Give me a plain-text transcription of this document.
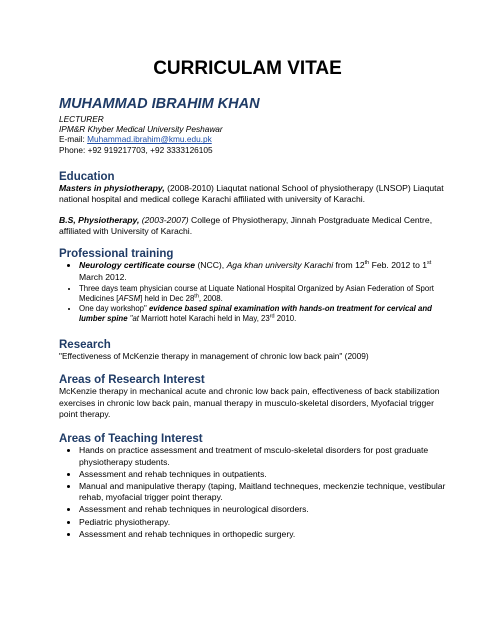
CURRICULAM VITAE
MUHAMMAD IBRAHIM KHAN
LECTURER
IPM&R Khyber Medical University Peshawar
E-mail: Muhammad.ibrahim@kmu.edu.pk
Phone: +92 919217703, +92 3333126105
Education
Masters in physiotherapy, (2008-2010) Liaqutat national School of physiotherapy (LNSOP) Liaqutat national hospital and medical college Karachi affiliated with university of Karachi.
B.S, Physiotherapy, (2003-2007) College of Physiotherapy, Jinnah Postgraduate Medical Centre, affiliated with University of Karachi.
Professional training
• Neurology certificate course (NCC), Aga khan university Karachi from 12th Feb. 2012 to 1st March 2012.
• Three days team physician course at Liquate National Hospital Organized by Asian Federation of Sport Medicines [AFSM] held in Dec 28th, 2008.
• One day workshop" evidence based spinal examination with hands-on treatment for cervical and lumber spine "at Marriott hotel Karachi held in May, 23rd 2010.
Research
"Effectiveness of McKenzie therapy in management of chronic low back pain" (2009)
Areas of Research Interest
McKenzie therapy in mechanical acute and chronic low back pain, effectiveness of back stabilization exercises in chronic low back pain, manual therapy in musculo-skeletal disorders, Myofacial trigger point therapy.
Areas of Teaching Interest
• Hands on practice assessment and treatment of msculo-skeletal disorders for post graduate physiotherapy students.
• Assessment and rehab techniques in outpatients.
• Manual and manipulative therapy (taping, Maitland techneques, meckenzie technique, vestibular rehab, myofacial trigger point therapy.
• Assessment and rehab techniques in neurological disorders.
• Pediatric physiotherapy.
• Assessment and rehab techniques in orthopedic surgery.
